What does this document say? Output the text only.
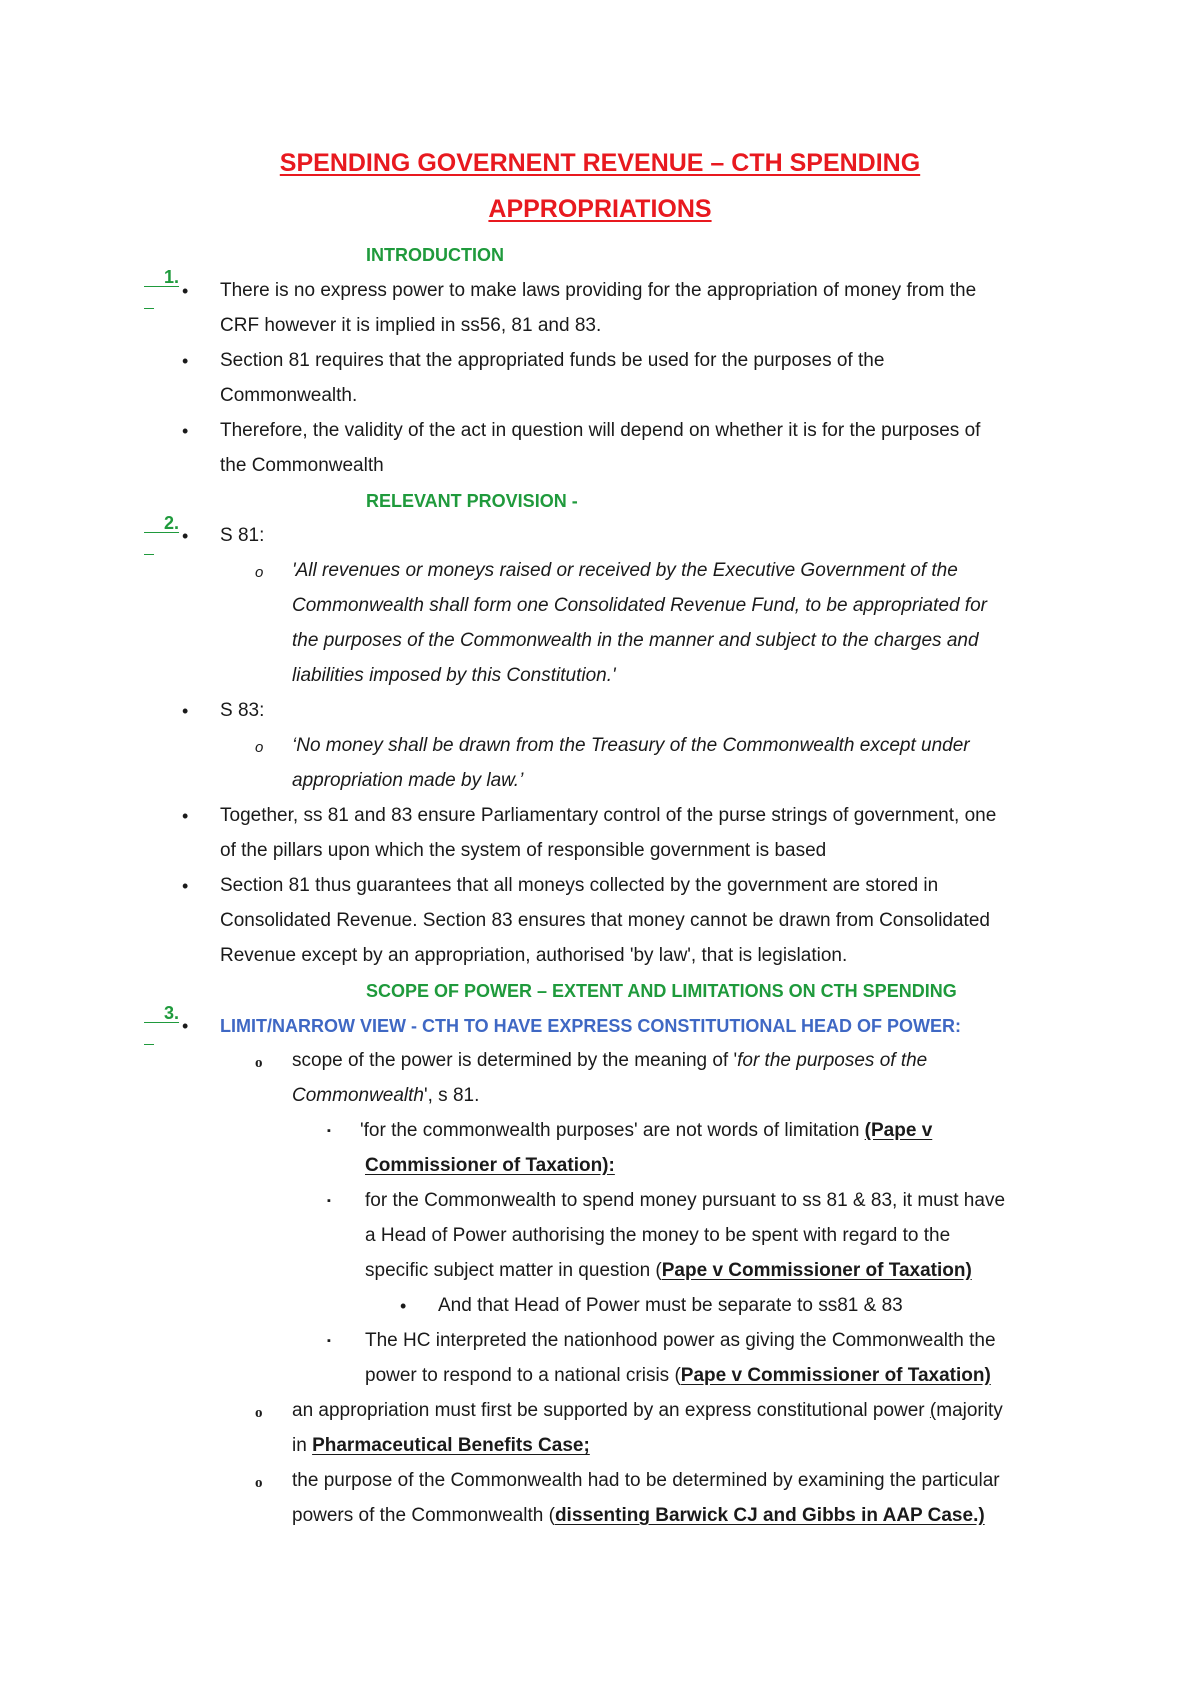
SPENDING GOVERNENT REVENUE – CTH SPENDING
APPROPRIATIONS

1.
INTRODUCTION

• There is no express power to make laws providing for the appropriation of money from the
CRF however it is implied in ss56, 81 and 83.
• Section 81 requires that the appropriated funds be used for the purposes of the
Commonwealth.
• Therefore, the validity of the act in question will depend on whether it is for the purposes of
the Commonwealth

2.
RELEVANT PROVISION -

• S 81:
o 'All revenues or moneys raised or received by the Executive Government of the
Commonwealth shall form one Consolidated Revenue Fund, to be appropriated for
the purposes of the Commonwealth in the manner and subject to the charges and
liabilities imposed by this Constitution.'
• S 83:
o ‘No money shall be drawn from the Treasury of the Commonwealth except under
appropriation made by law.’
• Together, ss 81 and 83 ensure Parliamentary control of the purse strings of government, one
of the pillars upon which the system of responsible government is based
• Section 81 thus guarantees that all moneys collected by the government are stored in
Consolidated Revenue. Section 83 ensures that money cannot be drawn from Consolidated
Revenue except by an appropriation, authorised 'by law', that is legislation.

3.
SCOPE OF POWER – EXTENT AND LIMITATIONS ON CTH SPENDING

• LIMIT/NARROW VIEW - CTH TO HAVE EXPRESS CONSTITUTIONAL HEAD OF POWER:
o scope of the power is determined by the meaning of 'for the purposes of the
Commonwealth', s 81.
▪ 'for the commonwealth purposes' are not words of limitation (Pape v
Commissioner of Taxation):
▪ for the Commonwealth to spend money pursuant to ss 81 & 83, it must have
a Head of Power authorising the money to be spent with regard to the
specific subject matter in question (Pape v Commissioner of Taxation)
• And that Head of Power must be separate to ss81 & 83
▪ The HC interpreted the nationhood power as giving the Commonwealth the
power to respond to a national crisis (Pape v Commissioner of Taxation)
o an appropriation must first be supported by an express constitutional power (majority
in Pharmaceutical Benefits Case;
o the purpose of the Commonwealth had to be determined by examining the particular
powers of the Commonwealth (dissenting Barwick CJ and Gibbs in AAP Case.)
